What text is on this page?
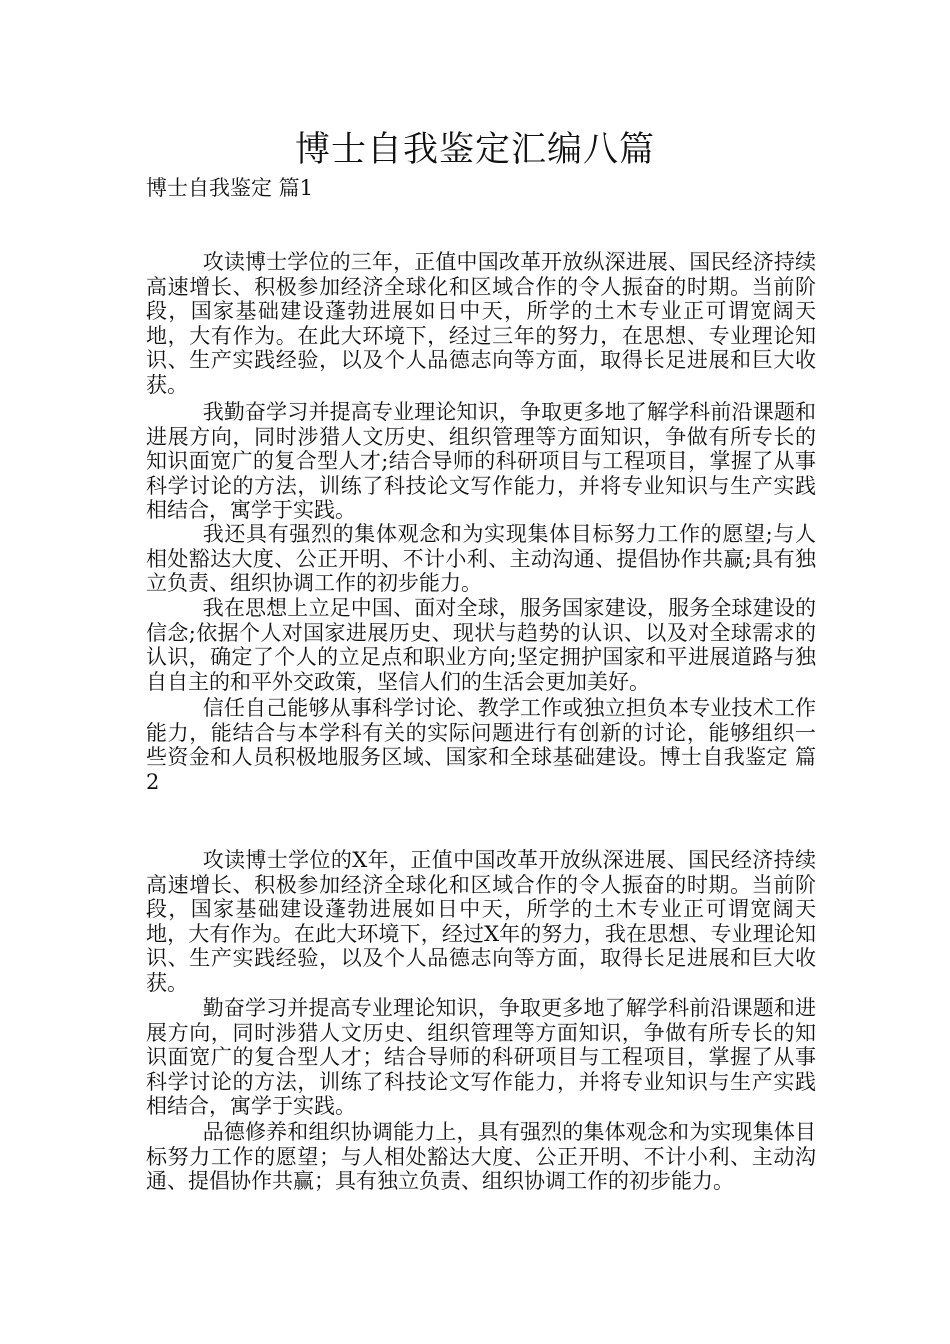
博士自我鉴定汇编八篇

博士自我鉴定 篇1

攻读博士学位的三年，正值中国改革开放纵深进展、国民经济持续高速增长、积极参加经济全球化和区域合作的令人振奋的时期。当前阶段，国家基础建设蓬勃进展如日中天，所学的土木专业正可谓宽阔天地，大有作为。在此大环境下，经过三年的努力，在思想、专业理论知识、生产实践经验，以及个人品德志向等方面，取得长足进展和巨大收获。

我勤奋学习并提高专业理论知识，争取更多地了解学科前沿课题和进展方向，同时涉猎人文历史、组织管理等方面知识，争做有所专长的知识面宽广的复合型人才;结合导师的科研项目与工程项目，掌握了从事科学讨论的方法，训练了科技论文写作能力，并将专业知识与生产实践相结合，寓学于实践。

我还具有强烈的集体观念和为实现集体目标努力工作的愿望;与人相处豁达大度、公正开明、不计小利、主动沟通、提倡协作共赢;具有独立负责、组织协调工作的初步能力。

我在思想上立足中国、面对全球，服务国家建设，服务全球建设的信念;依据个人对国家进展历史、现状与趋势的认识、以及对全球需求的认识，确定了个人的立足点和职业方向;坚定拥护国家和平进展道路与独自自主的和平外交政策，坚信人们的生活会更加美好。

信任自己能够从事科学讨论、教学工作或独立担负本专业技术工作能力，能结合与本学科有关的实际问题进行有创新的讨论，能够组织一些资金和人员积极地服务区域、国家和全球基础建设。博士自我鉴定 篇2

攻读博士学位的X年，正值中国改革开放纵深进展、国民经济持续高速增长、积极参加经济全球化和区域合作的令人振奋的时期。当前阶段，国家基础建设蓬勃进展如日中天，所学的土木专业正可谓宽阔天地，大有作为。在此大环境下，经过X年的努力，我在思想、专业理论知识、生产实践经验，以及个人品德志向等方面，取得长足进展和巨大收获。

勤奋学习并提高专业理论知识，争取更多地了解学科前沿课题和进展方向，同时涉猎人文历史、组织管理等方面知识，争做有所专长的知识面宽广的复合型人才；结合导师的科研项目与工程项目，掌握了从事科学讨论的方法，训练了科技论文写作能力，并将专业知识与生产实践相结合，寓学于实践。

品德修养和组织协调能力上，具有强烈的集体观念和为实现集体目标努力工作的愿望；与人相处豁达大度、公正开明、不计小利、主动沟通、提倡协作共赢；具有独立负责、组织协调工作的初步能力。
